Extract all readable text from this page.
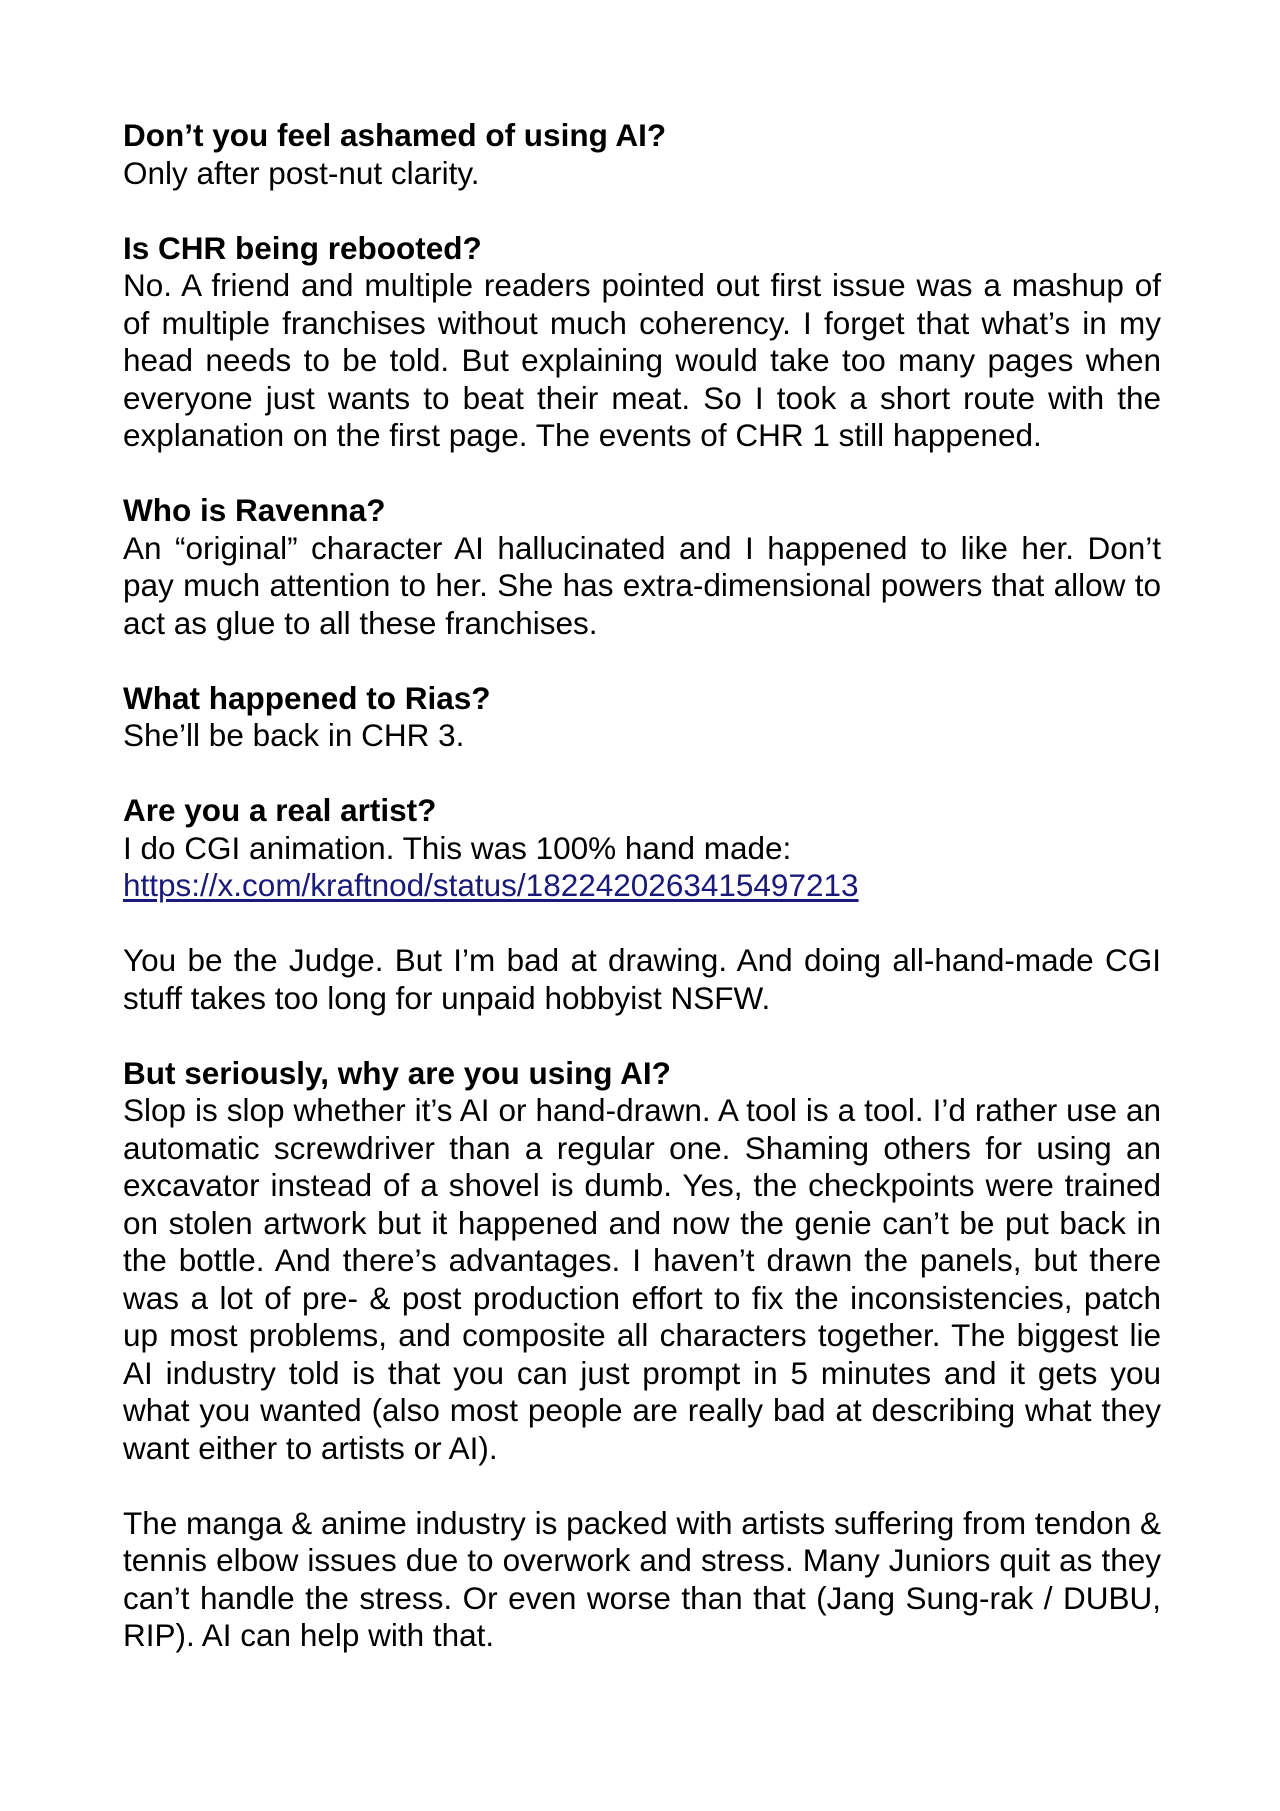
Don’t you feel ashamed of using AI?

Only after post-nut clarity.

Is CHR being rebooted?

No. A friend and multiple readers pointed out first issue was a mashup of of multiple franchises without much coherency. I forget that what’s in my head needs to be told. But explaining would take too many pages when everyone just wants to beat their meat. So I took a short route with the explanation on the first page. The events of CHR 1 still happened.

Who is Ravenna?

An “original” character AI hallucinated and I happened to like her. Don’t pay much attention to her. She has extra-dimensional powers that allow to act as glue to all these franchises.

What happened to Rias?

She’ll be back in CHR 3.

Are you a real artist?

I do CGI animation. This was 100% hand made:

https://x.com/kraftnod/status/1822420263415497213

You be the Judge. But I’m bad at drawing. And doing all-hand-made CGI stuff takes too long for unpaid hobbyist NSFW.

But seriously, why are you using AI?

Slop is slop whether it’s AI or hand-drawn. A tool is a tool. I’d rather use an automatic screwdriver than a regular one. Shaming others for using an excavator instead of a shovel is dumb. Yes, the checkpoints were trained on stolen artwork but it happened and now the genie can’t be put back in the bottle. And there’s advantages. I haven’t drawn the panels, but there was a lot of pre- & post production effort to fix the inconsistencies, patch up most problems, and composite all characters together. The biggest lie AI industry told is that you can just prompt in 5 minutes and it gets you what you wanted (also most people are really bad at describing what they want either to artists or AI).

The manga & anime industry is packed with artists suffering from tendon & tennis elbow issues due to overwork and stress. Many Juniors quit as they can’t handle the stress. Or even worse than that (Jang Sung-rak / DUBU, RIP). AI can help with that.
